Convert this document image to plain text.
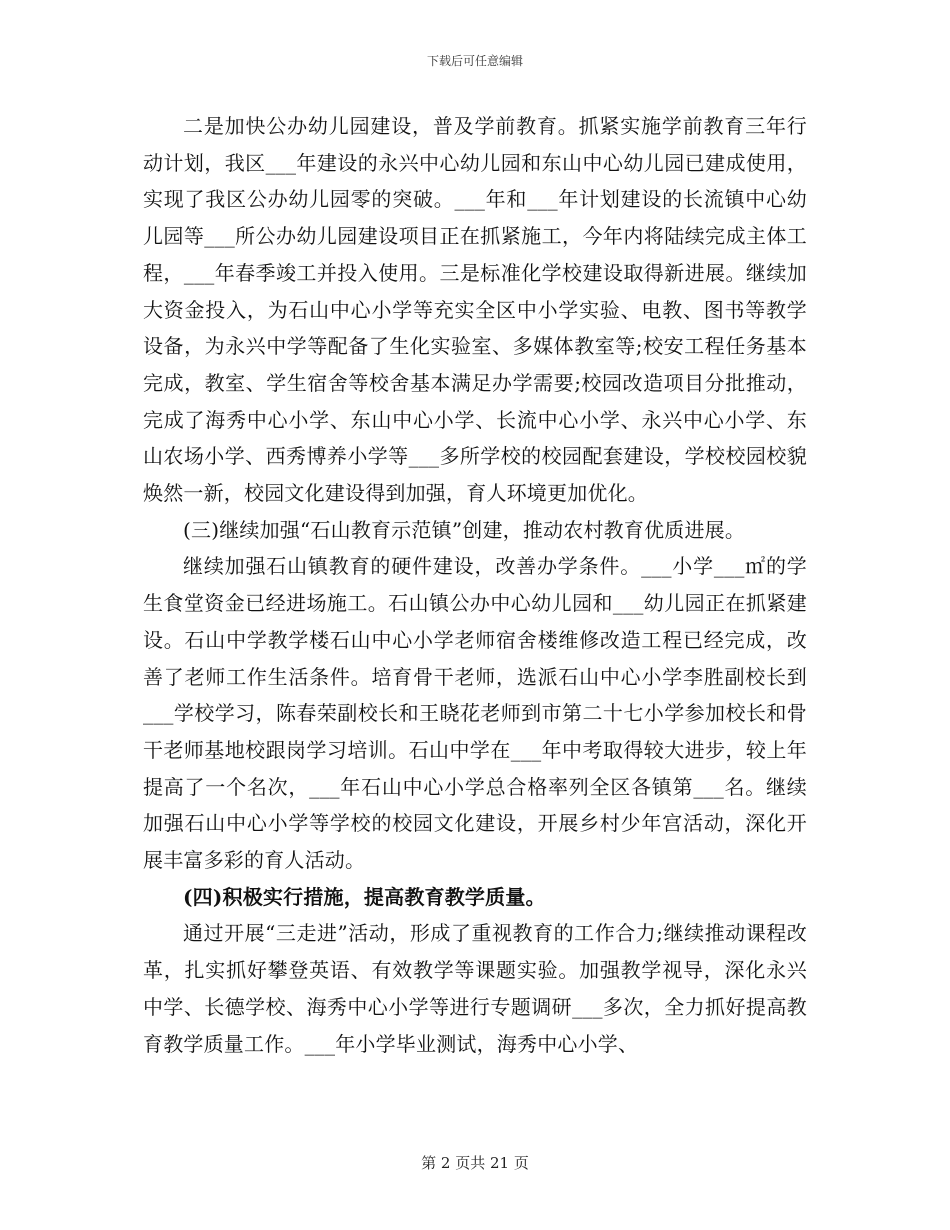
下载后可任意编辑

二是加快公办幼儿园建设，普及学前教育。抓紧实施学前教育三年行动计划，我区___年建设的永兴中心幼儿园和东山中心幼儿园已建成使用，实现了我区公办幼儿园零的突破。___年和___年计划建设的长流镇中心幼儿园等___所公办幼儿园建设项目正在抓紧施工，今年内将陆续完成主体工程，___年春季竣工并投入使用。三是标准化学校建设取得新进展。继续加大资金投入，为石山中心小学等充实全区中小学实验、电教、图书等教学设备，为永兴中学等配备了生化实验室、多媒体教室等;校安工程任务基本完成，教室、学生宿舍等校舍基本满足办学需要;校园改造项目分批推动，完成了海秀中心小学、东山中心小学、长流中心小学、永兴中心小学、东山农场小学、西秀博养小学等___多所学校的校园配套建设，学校校园校貌焕然一新，校园文化建设得到加强，育人环境更加优化。

(三)继续加强“石山教育示范镇”创建，推动农村教育优质进展。

继续加强石山镇教育的硬件建设，改善办学条件。___小学___㎡的学生食堂资金已经进场施工。石山镇公办中心幼儿园和___幼儿园正在抓紧建设。石山中学教学楼石山中心小学老师宿舍楼维修改造工程已经完成，改善了老师工作生活条件。培育骨干老师，选派石山中心小学李胜副校长到___学校学习，陈春荣副校长和王晓花老师到市第二十七小学参加校长和骨干老师基地校跟岗学习培训。石山中学在___年中考取得较大进步，较上年提高了一个名次，___年石山中心小学总合格率列全区各镇第___名。继续加强石山中心小学等学校的校园文化建设，开展乡村少年宫活动，深化开展丰富多彩的育人活动。

(四)积极实行措施，提高教育教学质量。

通过开展“三走进”活动，形成了重视教育的工作合力;继续推动课程改革，扎实抓好攀登英语、有效教学等课题实验。加强教学视导，深化永兴中学、长德学校、海秀中心小学等进行专题调研___多次，全力抓好提高教育教学质量工作。___年小学毕业测试，海秀中心小学、

第 2 页共 21 页
